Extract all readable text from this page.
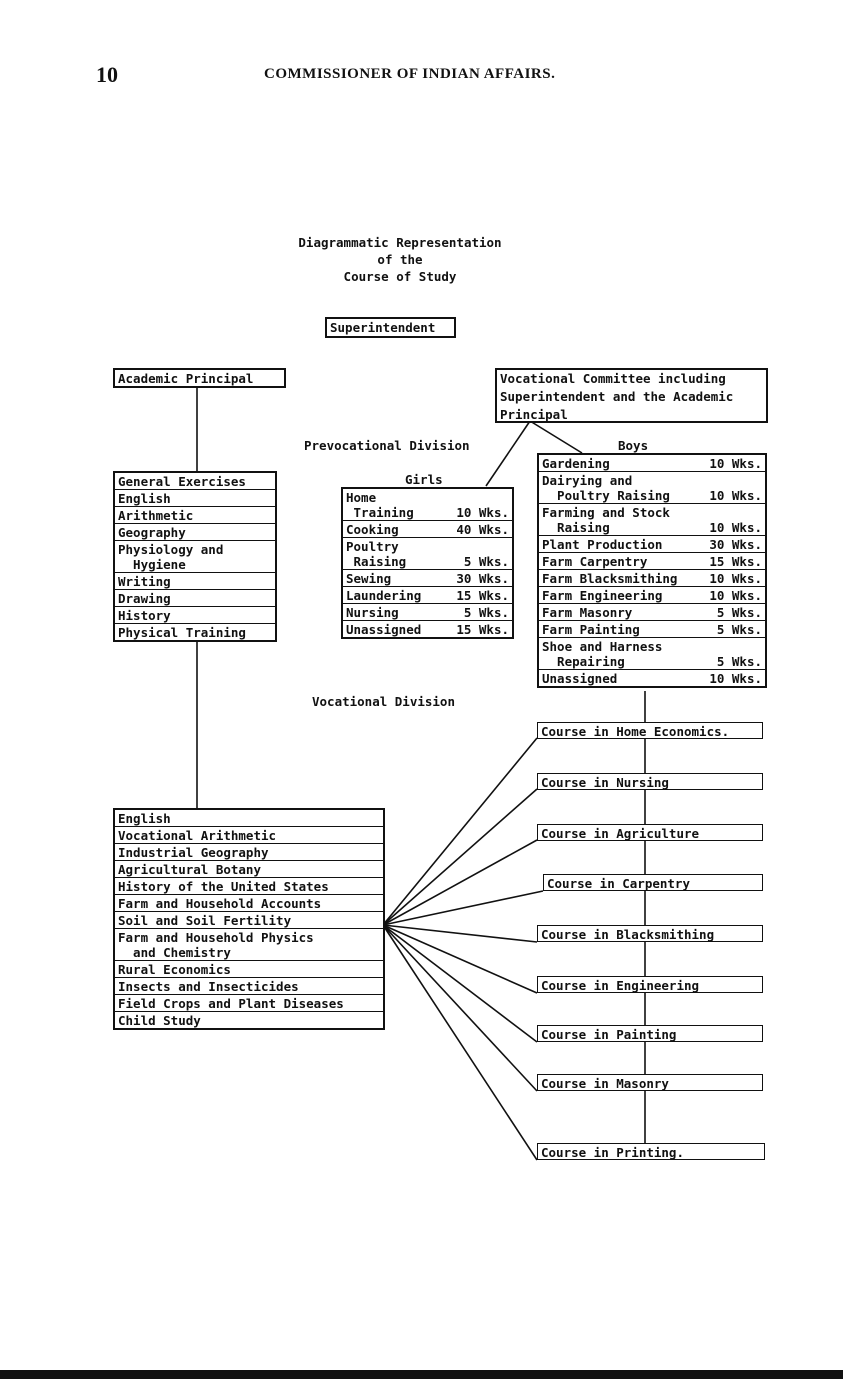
10	COMMISSIONER OF INDIAN AFFAIRS.
Diagrammatic Representation
of the
Course of Study
Superintendent
Academic Principal	Vocational Committee including
Superintendent and the Academic
Principal
Prevocational Division	Boys
Girls
Vocational Division
General Exercises
English
Arithmetic
Geography
Physiology and
Hygiene
Writing
Drawing
History
Physical Training
Home
Training	10 Wks.
Cooking	40 Wks.
Poultry
Raising	5 Wks.
Sewing	30 Wks.
Laundering	15 Wks.
Nursing	5 Wks.
Unassigned	15 Wks.
Gardening	10 Wks.
Dairying and
Poultry Raising	10 Wks.
Farming and Stock
Raising	10 Wks.
Plant Production	30 Wks.
Farm Carpentry	15 Wks.
Farm Blacksmithing	10 Wks.
Farm Engineering	10 Wks.
Farm Masonry	5 Wks.
Farm Painting	5 Wks.
Shoe and Harness
Repairing	5 Wks.
Unassigned	10 Wks.
English
Vocational Arithmetic
Industrial Geography
Agricultural Botany
History of the United States
Farm and Household Accounts
Soil and Soil Fertility
Farm and Household Physics
and Chemistry
Rural Economics
Insects and Insecticides
Field Crops and Plant Diseases
Child Study
Course in Home Economics.
Course in Nursing
Course in Agriculture
Course in Carpentry
Course in Blacksmithing
Course in Engineering
Course in Painting
Course in Masonry
Course in Printing.
